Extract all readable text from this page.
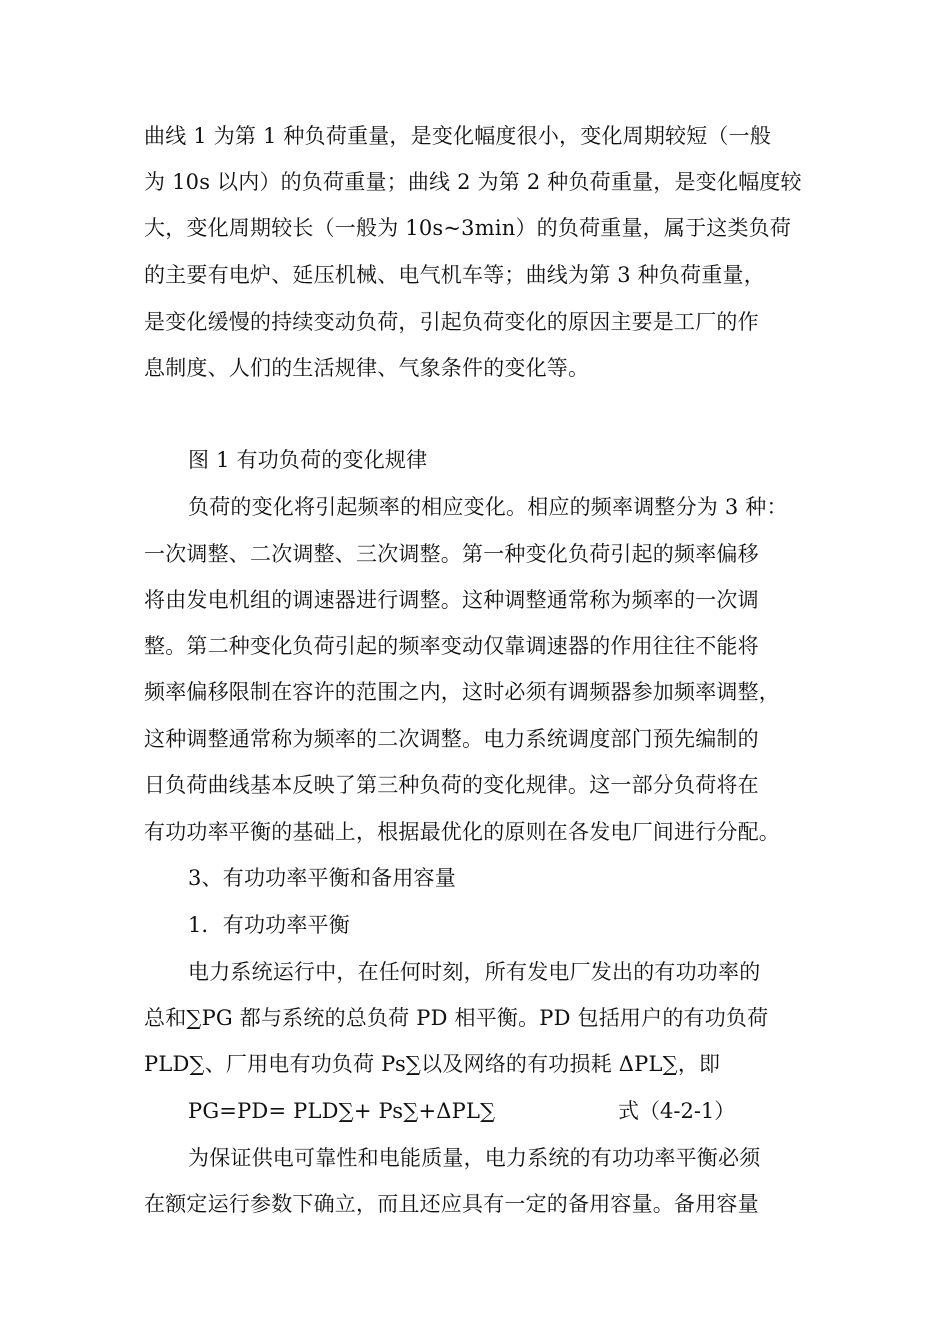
曲线 1 为第 1 种负荷重量，是变化幅度很小，变化周期较短（一般
为 10s 以内）的负荷重量；曲线 2 为第 2 种负荷重量，是变化幅度较
大，变化周期较长（一般为 10s~3min）的负荷重量，属于这类负荷
的主要有电炉、延压机械、电气机车等；曲线为第 3 种负荷重量，
是变化缓慢的持续变动负荷，引起负荷变化的原因主要是工厂的作
息制度、人们的生活规律、气象条件的变化等。
图 1 有功负荷的变化规律
负荷的变化将引起频率的相应变化。相应的频率调整分为 3 种：
一次调整、二次调整、三次调整。第一种变化负荷引起的频率偏移
将由发电机组的调速器进行调整。这种调整通常称为频率的一次调
整。第二种变化负荷引起的频率变动仅靠调速器的作用往往不能将
频率偏移限制在容许的范围之内，这时必须有调频器参加频率调整，
这种调整通常称为频率的二次调整。电力系统调度部门预先编制的
日负荷曲线基本反映了第三种负荷的变化规律。这一部分负荷将在
有功功率平衡的基础上，根据最优化的原则在各发电厂间进行分配。
3、有功功率平衡和备用容量
1．有功功率平衡
电力系统运行中，在任何时刻，所有发电厂发出的有功功率的
总和∑PG 都与系统的总负荷 PD 相平衡。PD 包括用户的有功负荷
PLD∑、厂用电有功负荷 Ps∑以及网络的有功损耗 ΔPL∑，即
PG=PD= PLD∑+ Ps∑+ΔPL∑	式（4-2-1）
为保证供电可靠性和电能质量，电力系统的有功功率平衡必须
在额定运行参数下确立，而且还应具有一定的备用容量。备用容量
